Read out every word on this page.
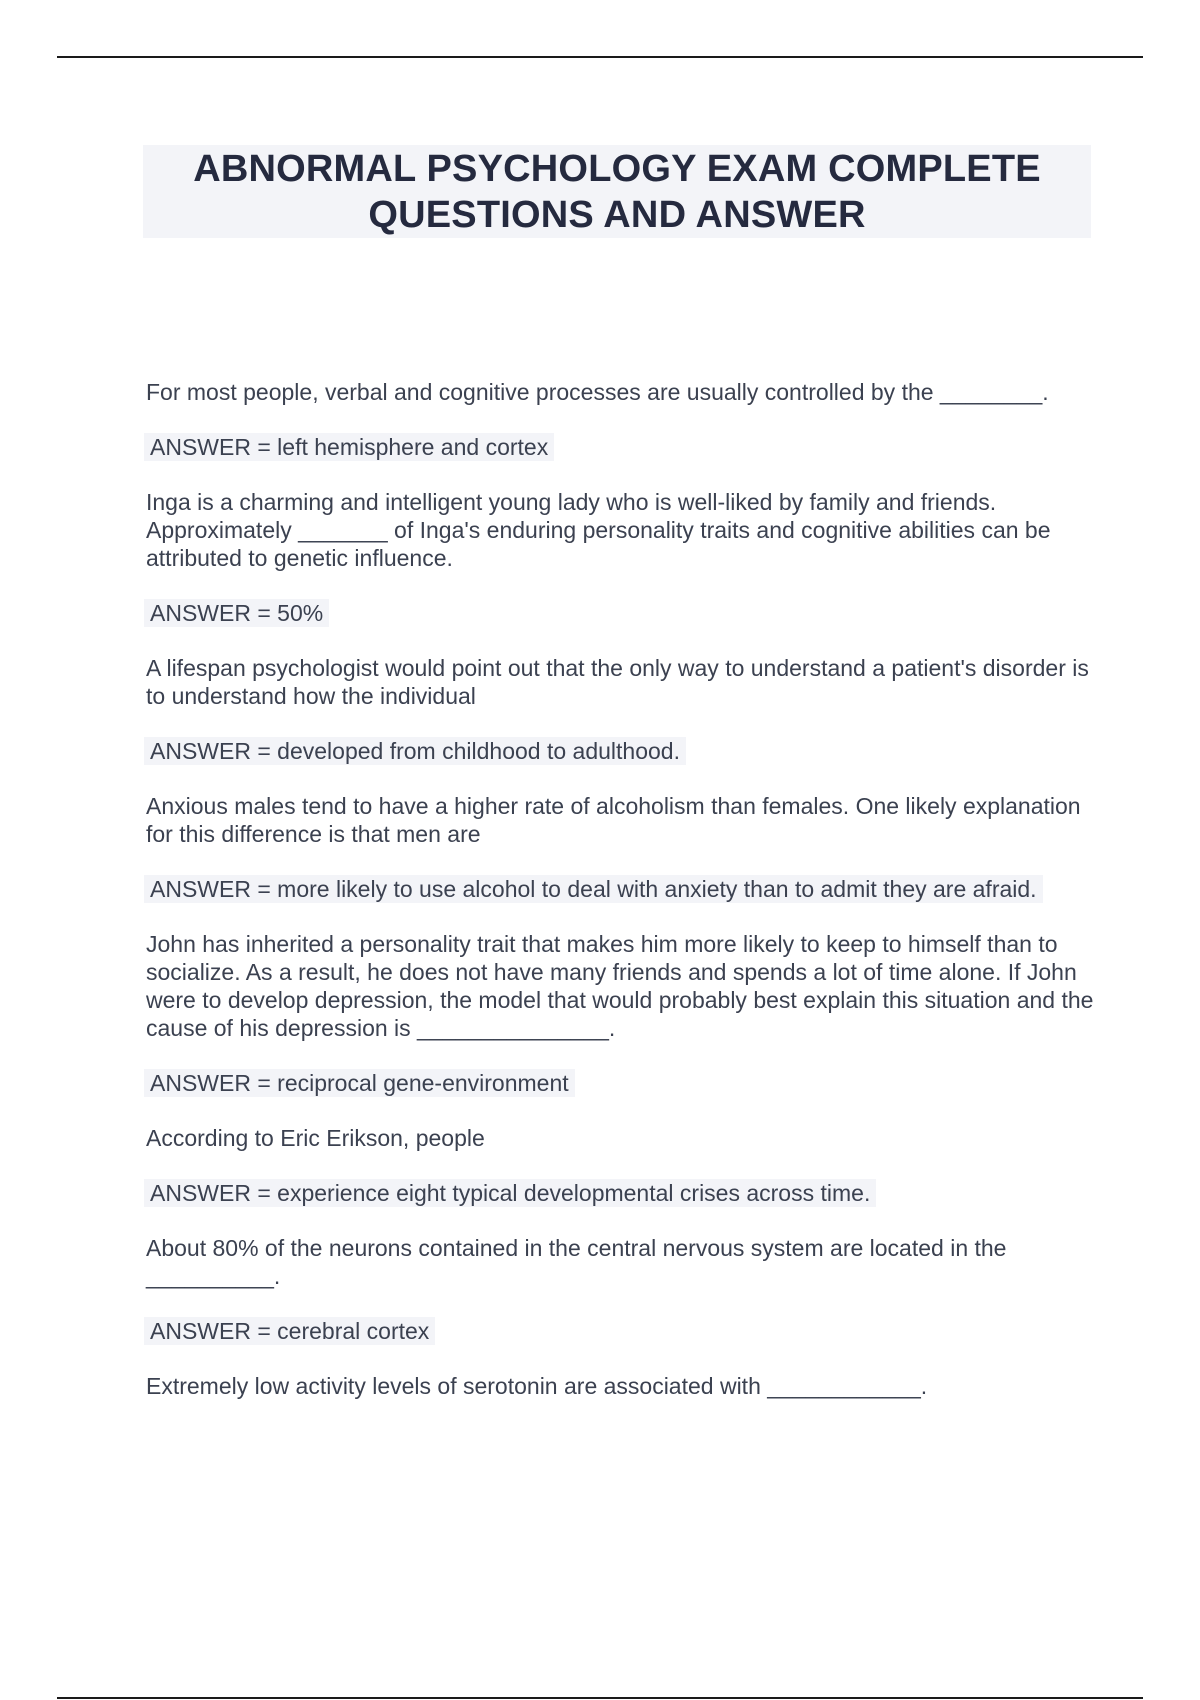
ABNORMAL PSYCHOLOGY EXAM COMPLETE QUESTIONS AND ANSWER

For most people, verbal and cognitive processes are usually controlled by the ________.

ANSWER = left hemisphere and cortex

Inga is a charming and intelligent young lady who is well-liked by family and friends. Approximately _______ of Inga's enduring personality traits and cognitive abilities can be attributed to genetic influence.

ANSWER = 50%

A lifespan psychologist would point out that the only way to understand a patient's disorder is to understand how the individual

ANSWER = developed from childhood to adulthood.

Anxious males tend to have a higher rate of alcoholism than females. One likely explanation for this difference is that men are

ANSWER = more likely to use alcohol to deal with anxiety than to admit they are afraid.

John has inherited a personality trait that makes him more likely to keep to himself than to socialize. As a result, he does not have many friends and spends a lot of time alone. If John were to develop depression, the model that would probably best explain this situation and the cause of his depression is _______________.

ANSWER = reciprocal gene-environment

According to Eric Erikson, people

ANSWER = experience eight typical developmental crises across time.

About 80% of the neurons contained in the central nervous system are located in the __________.

ANSWER = cerebral cortex

Extremely low activity levels of serotonin are associated with ____________.
